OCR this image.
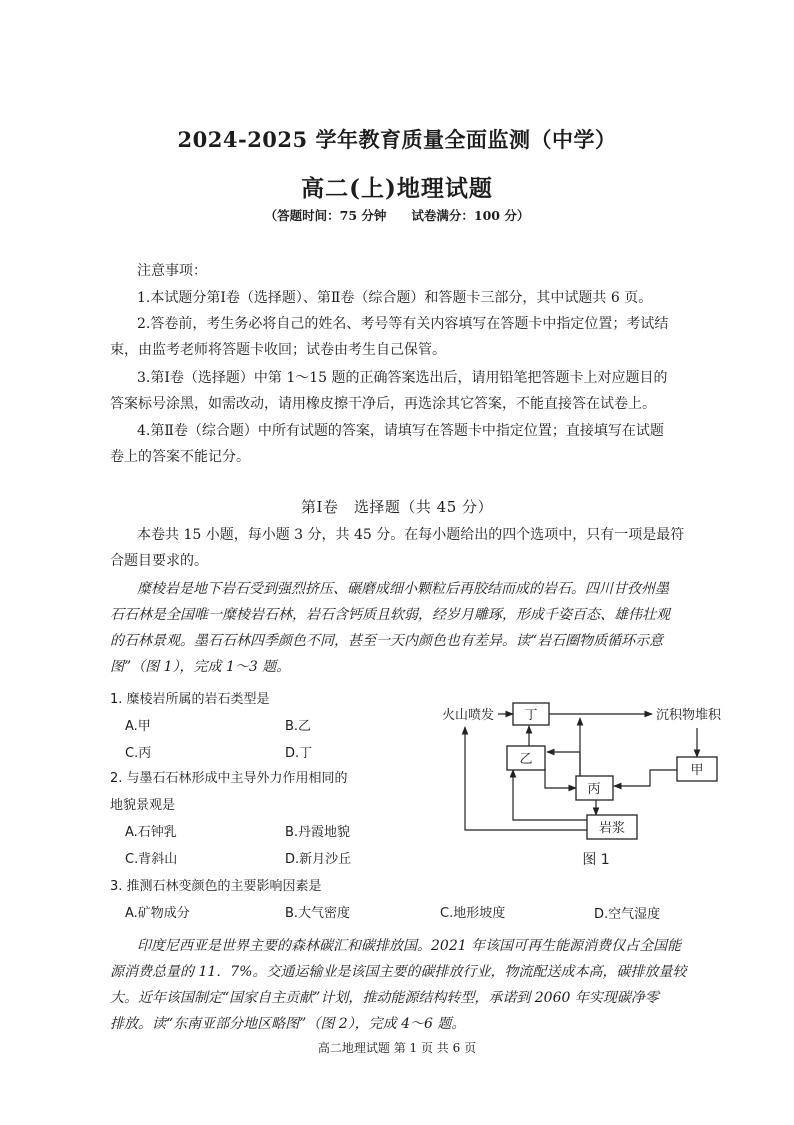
2024-2025 学年教育质量全面监测（中学）
高二(上)地理试题
（答题时间：75 分钟　　试卷满分：100 分）
注意事项：
1.本试题分第Ⅰ卷（选择题）、第Ⅱ卷（综合题）和答题卡三部分，其中试题共 6 页。
2.答卷前，考生务必将自己的姓名、考号等有关内容填写在答题卡中指定位置；考试结
束，由监考老师将答题卡收回；试卷由考生自己保管。
3.第Ⅰ卷（选择题）中第 1～15 题的正确答案选出后，请用铅笔把答题卡上对应题目的
答案标号涂黑，如需改动，请用橡皮擦干净后，再选涂其它答案，不能直接答在试卷上。
4.第Ⅱ卷（综合题）中所有试题的答案，请填写在答题卡中指定位置；直接填写在试题
卷上的答案不能记分。
第Ⅰ卷　选择题（共 45 分）
本卷共 15 小题，每小题 3 分，共 45 分。在每小题给出的四个选项中，只有一项是最符
合题目要求的。
糜棱岩是地下岩石受到强烈挤压、碾磨成细小颗粒后再胶结而成的岩石。四川甘孜州墨
石石林是全国唯一糜棱岩石林，岩石含钙质且软弱，经岁月雕琢，形成千姿百态、雄伟壮观
的石林景观。墨石石林四季颜色不同，甚至一天内颜色也有差异。读“岩石圈物质循环示意
图”（图 1），完成 1～3 题。
1. 糜棱岩所属的岩石类型是
A.甲	B.乙
C.丙	D.丁
2. 与墨石石林形成中主导外力作用相同的
地貌景观是
A.石钟乳	B.丹霞地貌
C.背斜山	D.新月沙丘
3. 推测石林变颜色的主要影响因素是
A.矿物成分	B.大气密度	C.地形坡度	D.空气湿度
火山喷发 丁	沉积物堆积
乙
甲
丙
岩浆
图 1
印度尼西亚是世界主要的森林碳汇和碳排放国。2021 年该国可再生能源消费仅占全国能
源消费总量的 11．7%。交通运输业是该国主要的碳排放行业，物流配送成本高，碳排放量较
大。近年该国制定“国家自主贡献”计划，推动能源结构转型，承诺到 2060 年实现碳净零
排放。读“东南亚部分地区略图”（图 2），完成 4～6 题。
高二地理试题 第 1 页 共 6 页
